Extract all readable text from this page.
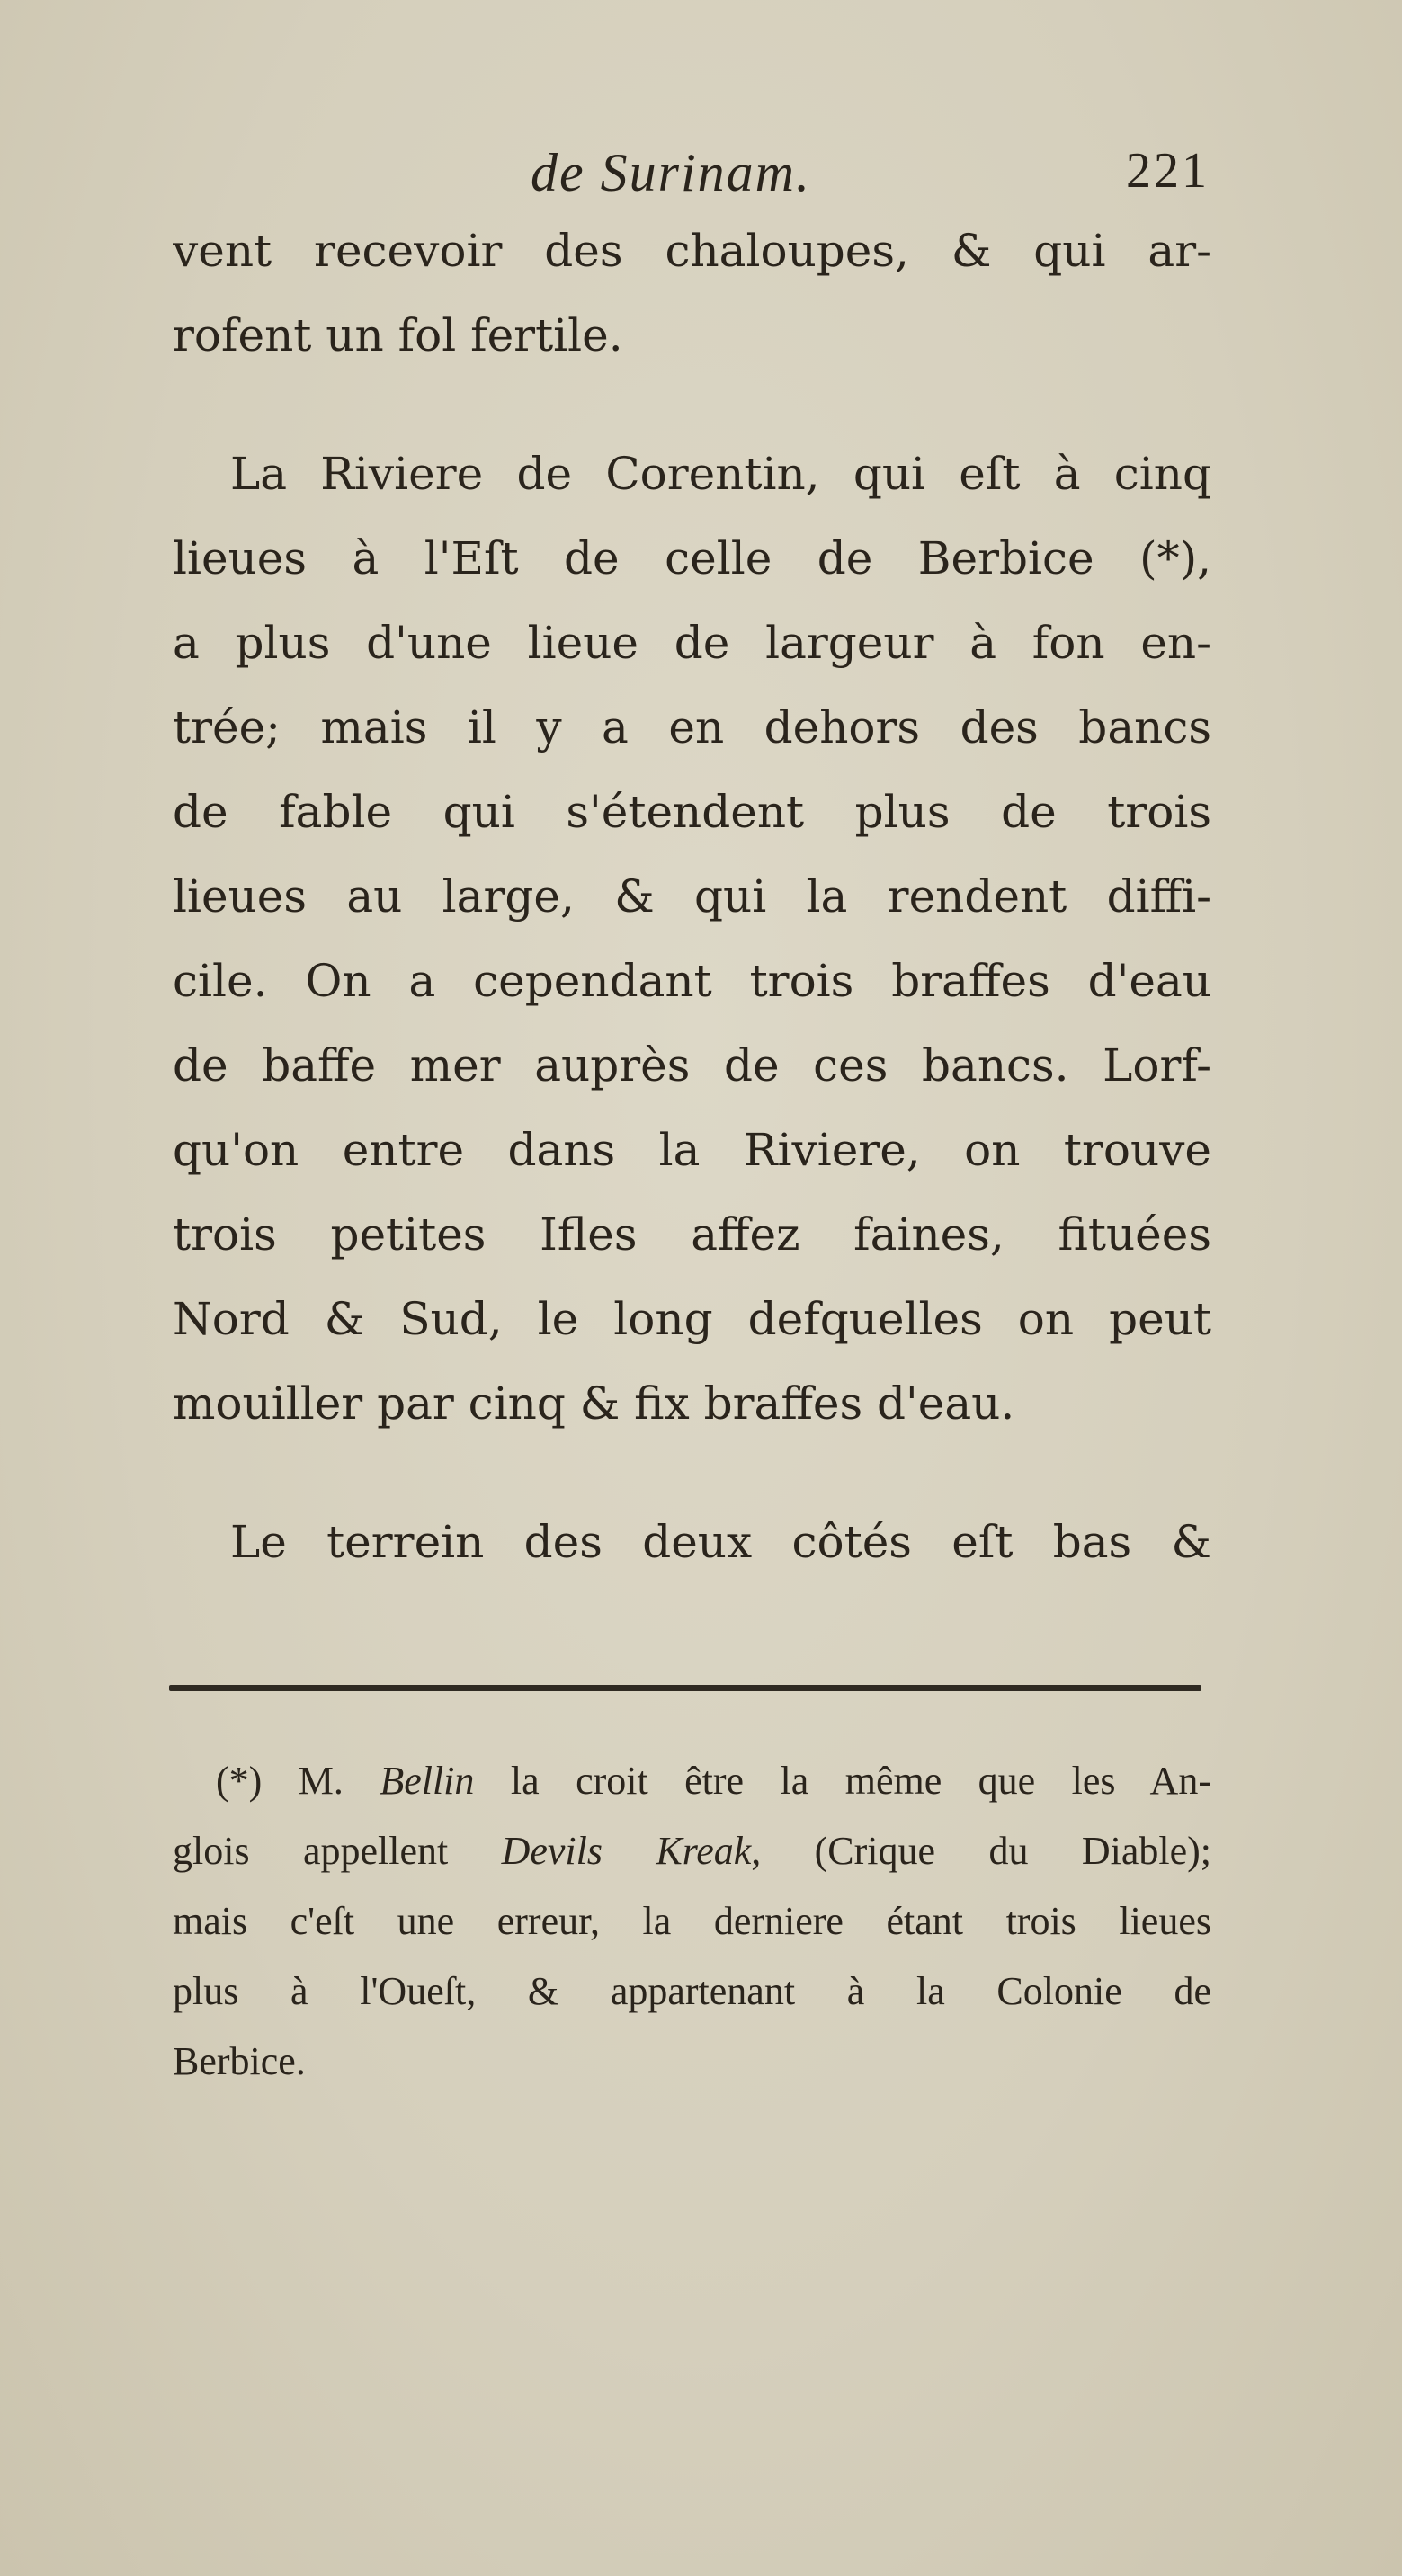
de Surinam.	221
vent recevoir des chaloupes, & qui ar-
rofent un fol fertile.
La Riviere de Corentin, qui eſt à cinq
lieues à l'Eſt de celle de Berbice (*),
a plus d'une lieue de largeur à fon en-
trée; mais il y a en dehors des bancs
de fable qui s'étendent plus de trois
lieues au large, & qui la rendent diffi-
cile. On a cependant trois braffes d'eau
de baffe mer auprès de ces bancs. Lorf-
qu'on entre dans la Riviere, on trouve
trois petites Ifles affez faines, fituées
Nord & Sud, le long defquelles on peut
mouiller par cinq & fix braffes d'eau.
Le terrein des deux côtés eſt bas &
(*) M. Bellin la croit être la même que les An-
glois appellent Devils Kreak, (Crique du Diable);
mais c'eſt une erreur, la derniere étant trois lieues
plus à l'Oueſt, & appartenant à la Colonie de
Berbice.
